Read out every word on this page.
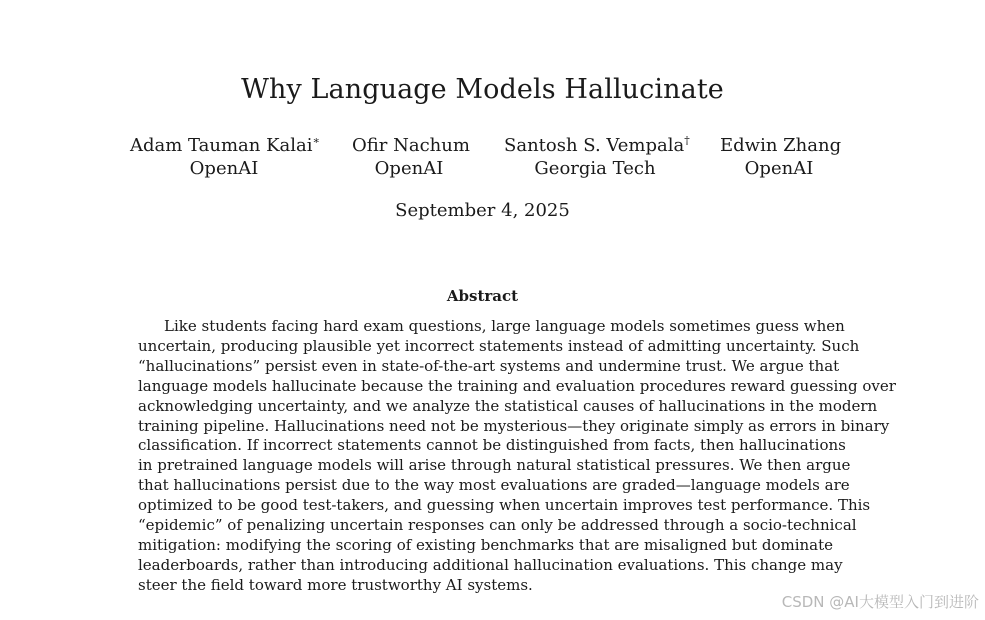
Why Language Models Hallucinate
Adam Tauman Kalai∗
OpenAI
Ofir Nachum
OpenAI
Santosh S. Vempala†
Georgia Tech
Edwin Zhang
OpenAI
September 4, 2025
Abstract
Like students facing hard exam questions, large language models sometimes guess when
uncertain, producing plausible yet incorrect statements instead of admitting uncertainty. Such
“hallucinations” persist even in state-of-the-art systems and undermine trust. We argue that
language models hallucinate because the training and evaluation procedures reward guessing over
acknowledging uncertainty, and we analyze the statistical causes of hallucinations in the modern
training pipeline. Hallucinations need not be mysterious—they originate simply as errors in binary
classification. If incorrect statements cannot be distinguished from facts, then hallucinations
in pretrained language models will arise through natural statistical pressures. We then argue
that hallucinations persist due to the way most evaluations are graded—language models are
optimized to be good test-takers, and guessing when uncertain improves test performance. This
“epidemic” of penalizing uncertain responses can only be addressed through a socio-technical
mitigation: modifying the scoring of existing benchmarks that are misaligned but dominate
leaderboards, rather than introducing additional hallucination evaluations. This change may
steer the field toward more trustworthy AI systems.
CSDN @AI大模型入门到进阶
